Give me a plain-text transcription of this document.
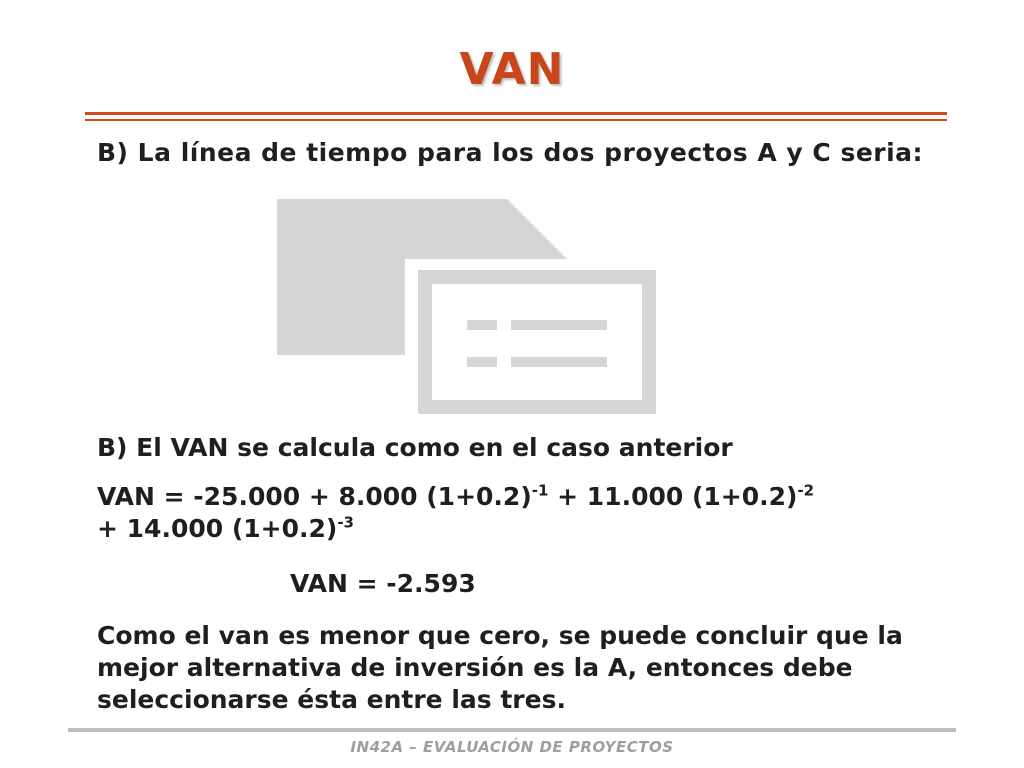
VAN

B) La línea de tiempo para los dos proyectos A y C seria:

B) El VAN se calcula como en el caso anterior

VAN = -25.000 + 8.000 $(1+0.2)^{-1} + 11.000$ $(1+0.2)^{-2}$
+ 14.000 $(1+0.2)^{-3}$

VAN = -2.593

Como el van es menor que cero, se puede concluir que la mejor alternativa de inversión es la A, entonces debe seleccionarse ésta entre las tres.

IN42A – EVALUACIÓN DE PROYECTOS
